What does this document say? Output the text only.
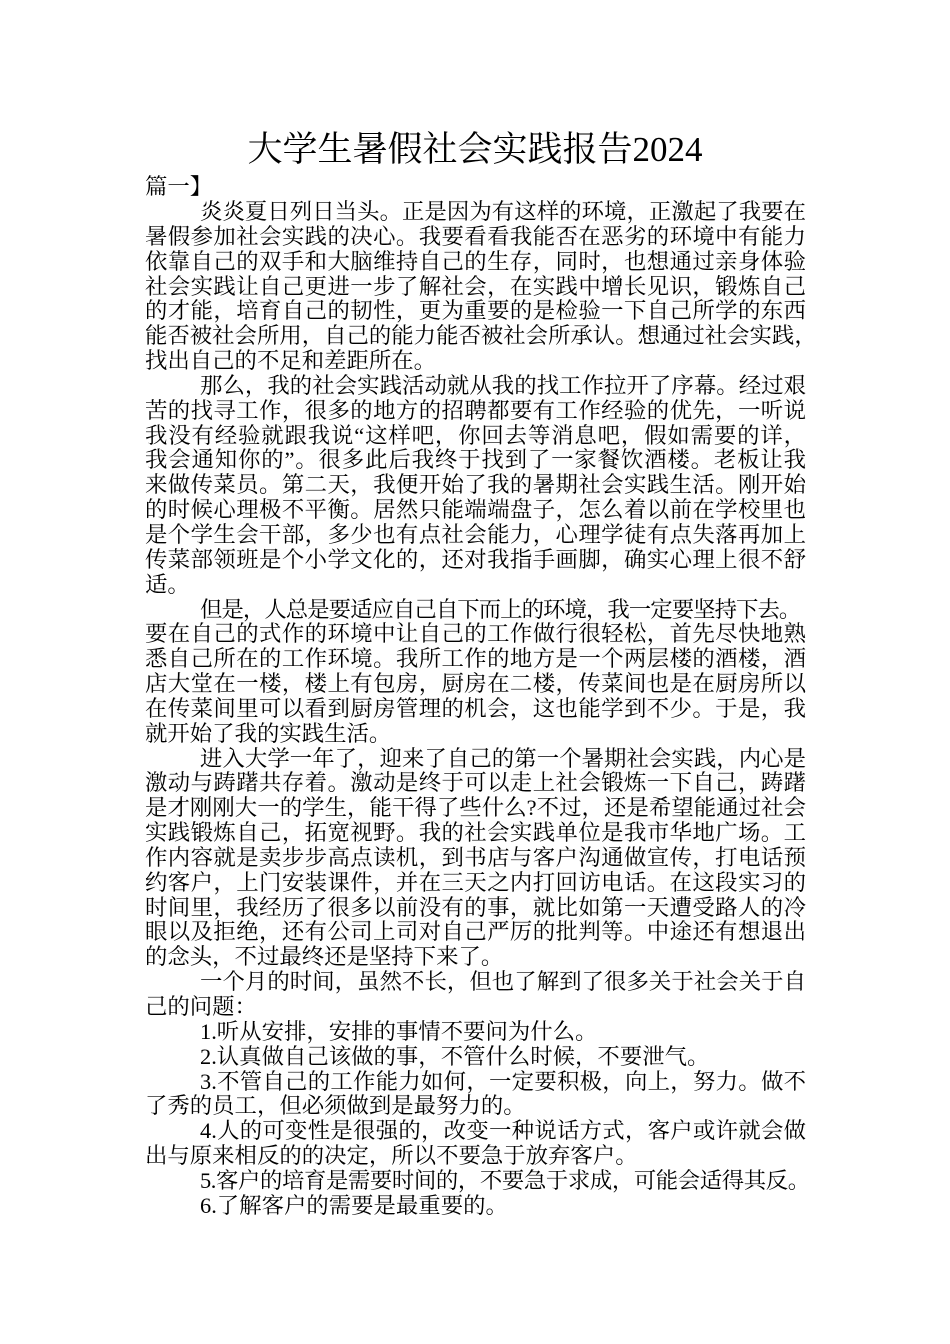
大学生暑假社会实践报告2024
篇一】
炎炎夏日列日当头。正是因为有这样的环境，正激起了我要在
暑假参加社会实践的决心。我要看看我能否在恶劣的环境中有能力
依靠自己的双手和大脑维持自己的生存，同时，也想通过亲身体验
社会实践让自己更进一步了解社会，在实践中增长见识，锻炼自己
的才能，培育自己的韧性，更为重要的是检验一下自己所学的东西
能否被社会所用，自己的能力能否被社会所承认。想通过社会实践，
找出自己的不足和差距所在。
那么，我的社会实践活动就从我的找工作拉开了序幕。经过艰
苦的找寻工作，很多的地方的招聘都要有工作经验的优先，一听说
我没有经验就跟我说“这样吧，你回去等消息吧，假如需要的详，
我会通知你的”。很多此后我终于找到了一家餐饮酒楼。老板让我
来做传菜员。第二天，我便开始了我的暑期社会实践生活。刚开始
的时候心理极不平衡。居然只能端端盘子，怎么着以前在学校里也
是个学生会干部，多少也有点社会能力，心理学徒有点失落再加上
传菜部领班是个小学文化的，还对我指手画脚，确实心理上很不舒
适。
但是，人总是要适应自己自下而上的环境，我一定要坚持下去。
要在自己的式作的环境中让自己的工作做行很轻松，首先尽快地熟
悉自己所在的工作环境。我所工作的地方是一个两层楼的酒楼，酒
店大堂在一楼，楼上有包房，厨房在二楼，传菜间也是在厨房所以
在传菜间里可以看到厨房管理的机会，这也能学到不少。于是，我
就开始了我的实践生活。
进入大学一年了，迎来了自己的第一个暑期社会实践，内心是
激动与踌躇共存着。激动是终于可以走上社会锻炼一下自己，踌躇
是才刚刚大一的学生，能干得了些什么?不过，还是希望能通过社会
实践锻炼自己，拓宽视野。我的社会实践单位是我市华地广场。工
作内容就是卖步步高点读机，到书店与客户沟通做宣传，打电话预
约客户，上门安装课件，并在三天之内打回访电话。在这段实习的
时间里，我经历了很多以前没有的事，就比如第一天遭受路人的冷
眼以及拒绝，还有公司上司对自己严厉的批判等。中途还有想退出
的念头，不过最终还是坚持下来了。
一个月的时间，虽然不长，但也了解到了很多关于社会关于自
己的问题：
1.听从安排，安排的事情不要问为什么。
2.认真做自己该做的事，不管什么时候，不要泄气。
3.不管自己的工作能力如何，一定要积极，向上，努力。做不
了秀的员工，但必须做到是最努力的。
4.人的可变性是很强的，改变一种说话方式，客户或许就会做
出与原来相反的的决定，所以不要急于放弃客户。
5.客户的培育是需要时间的，不要急于求成，可能会适得其反。
6.了解客户的需要是最重要的。
